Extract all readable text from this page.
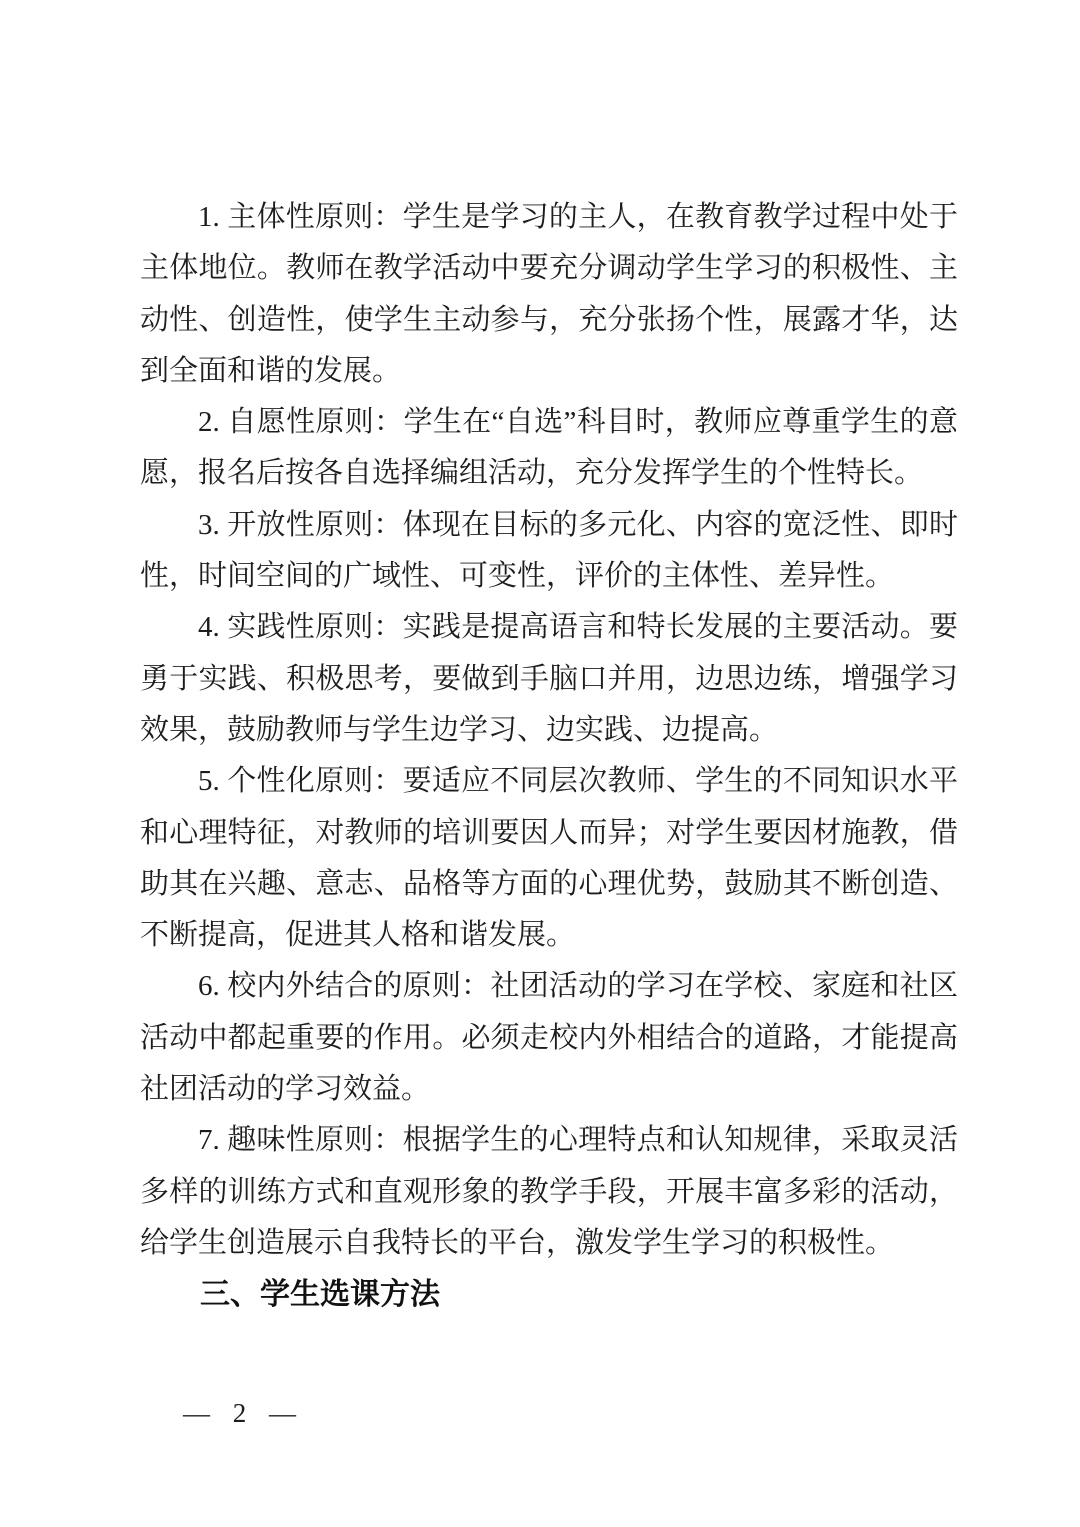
1. 主体性原则：学生是学习的主人，在教育教学过程中处于主体地位。教师在教学活动中要充分调动学生学习的积极性、主动性、创造性，使学生主动参与，充分张扬个性，展露才华，达到全面和谐的发展。

2. 自愿性原则：学生在“自选”科目时，教师应尊重学生的意愿，报名后按各自选择编组活动，充分发挥学生的个性特长。

3. 开放性原则：体现在目标的多元化、内容的宽泛性、即时性，时间空间的广域性、可变性，评价的主体性、差异性。

4. 实践性原则：实践是提高语言和特长发展的主要活动。要勇于实践、积极思考，要做到手脑口并用，边思边练，增强学习效果，鼓励教师与学生边学习、边实践、边提高。

5. 个性化原则：要适应不同层次教师、学生的不同知识水平和心理特征，对教师的培训要因人而异；对学生要因材施教，借助其在兴趣、意志、品格等方面的心理优势，鼓励其不断创造、不断提高，促进其人格和谐发展。

6. 校内外结合的原则：社团活动的学习在学校、家庭和社区活动中都起重要的作用。必须走校内外相结合的道路，才能提高社团活动的学习效益。

7. 趣味性原则：根据学生的心理特点和认知规律，采取灵活多样的训练方式和直观形象的教学手段，开展丰富多彩的活动，给学生创造展示自我特长的平台，激发学生学习的积极性。

三、学生选课方法
— 2 —
